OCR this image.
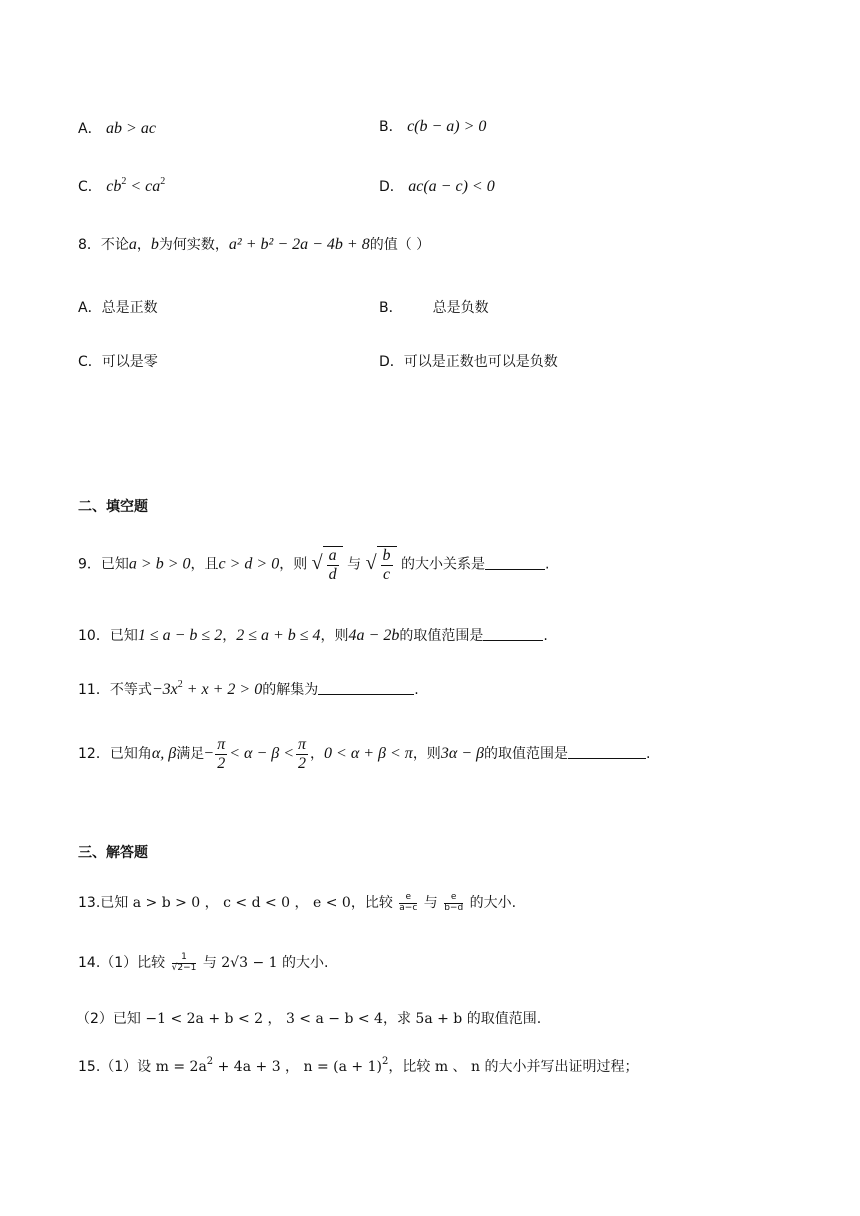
A． ab > ac	B． c(b − a) > 0
C． $cb^2 < ca^2$	D． ac(a − c) < 0
8．不论a，b为何实数，a² + b² − 2a − 4b + 8的值（ ）
A．总是正数	B． 总是负数
C．可以是零	D．可以是正数也可以是负数
二、填空题
9．已知a > b > 0，且c > d > 0，则 √ $\frac{a}{d}$ 与 √ $\frac{b}{c}$ 的大小关系是	.
10．已知1 ≤ a − b ≤ 2，2 ≤ a + b ≤ 4，则4a − 2b的取值范围是	.
11．不等式$-3x^2 + x + 2 > 0$的解集为	.
12．已知角α, β满足− $\frac{\pi}{2} < \alpha - \beta < \frac{\pi}{2}$ ，0 < α + β < π，则3α − β的取值范围是	.
三、解答题
13.已知 a > b > 0 ， c < d < 0 ， e < 0，比较 $\frac{e}{a-c}$ 与 $\frac{e}{b-d}$ 的大小.
14.（1）比较 $\frac{1}{√2-1}$ 与 2√3 − 1 的大小.
（2）已知 −1 < 2a + b < 2 ， 3 < a − b < 4，求 5a + b 的取值范围.
15.（1）设 $m = 2a^2 + 4a + 3$ ， $n = (a + 1)^2$，比较 m 、 n 的大小并写出证明过程；
